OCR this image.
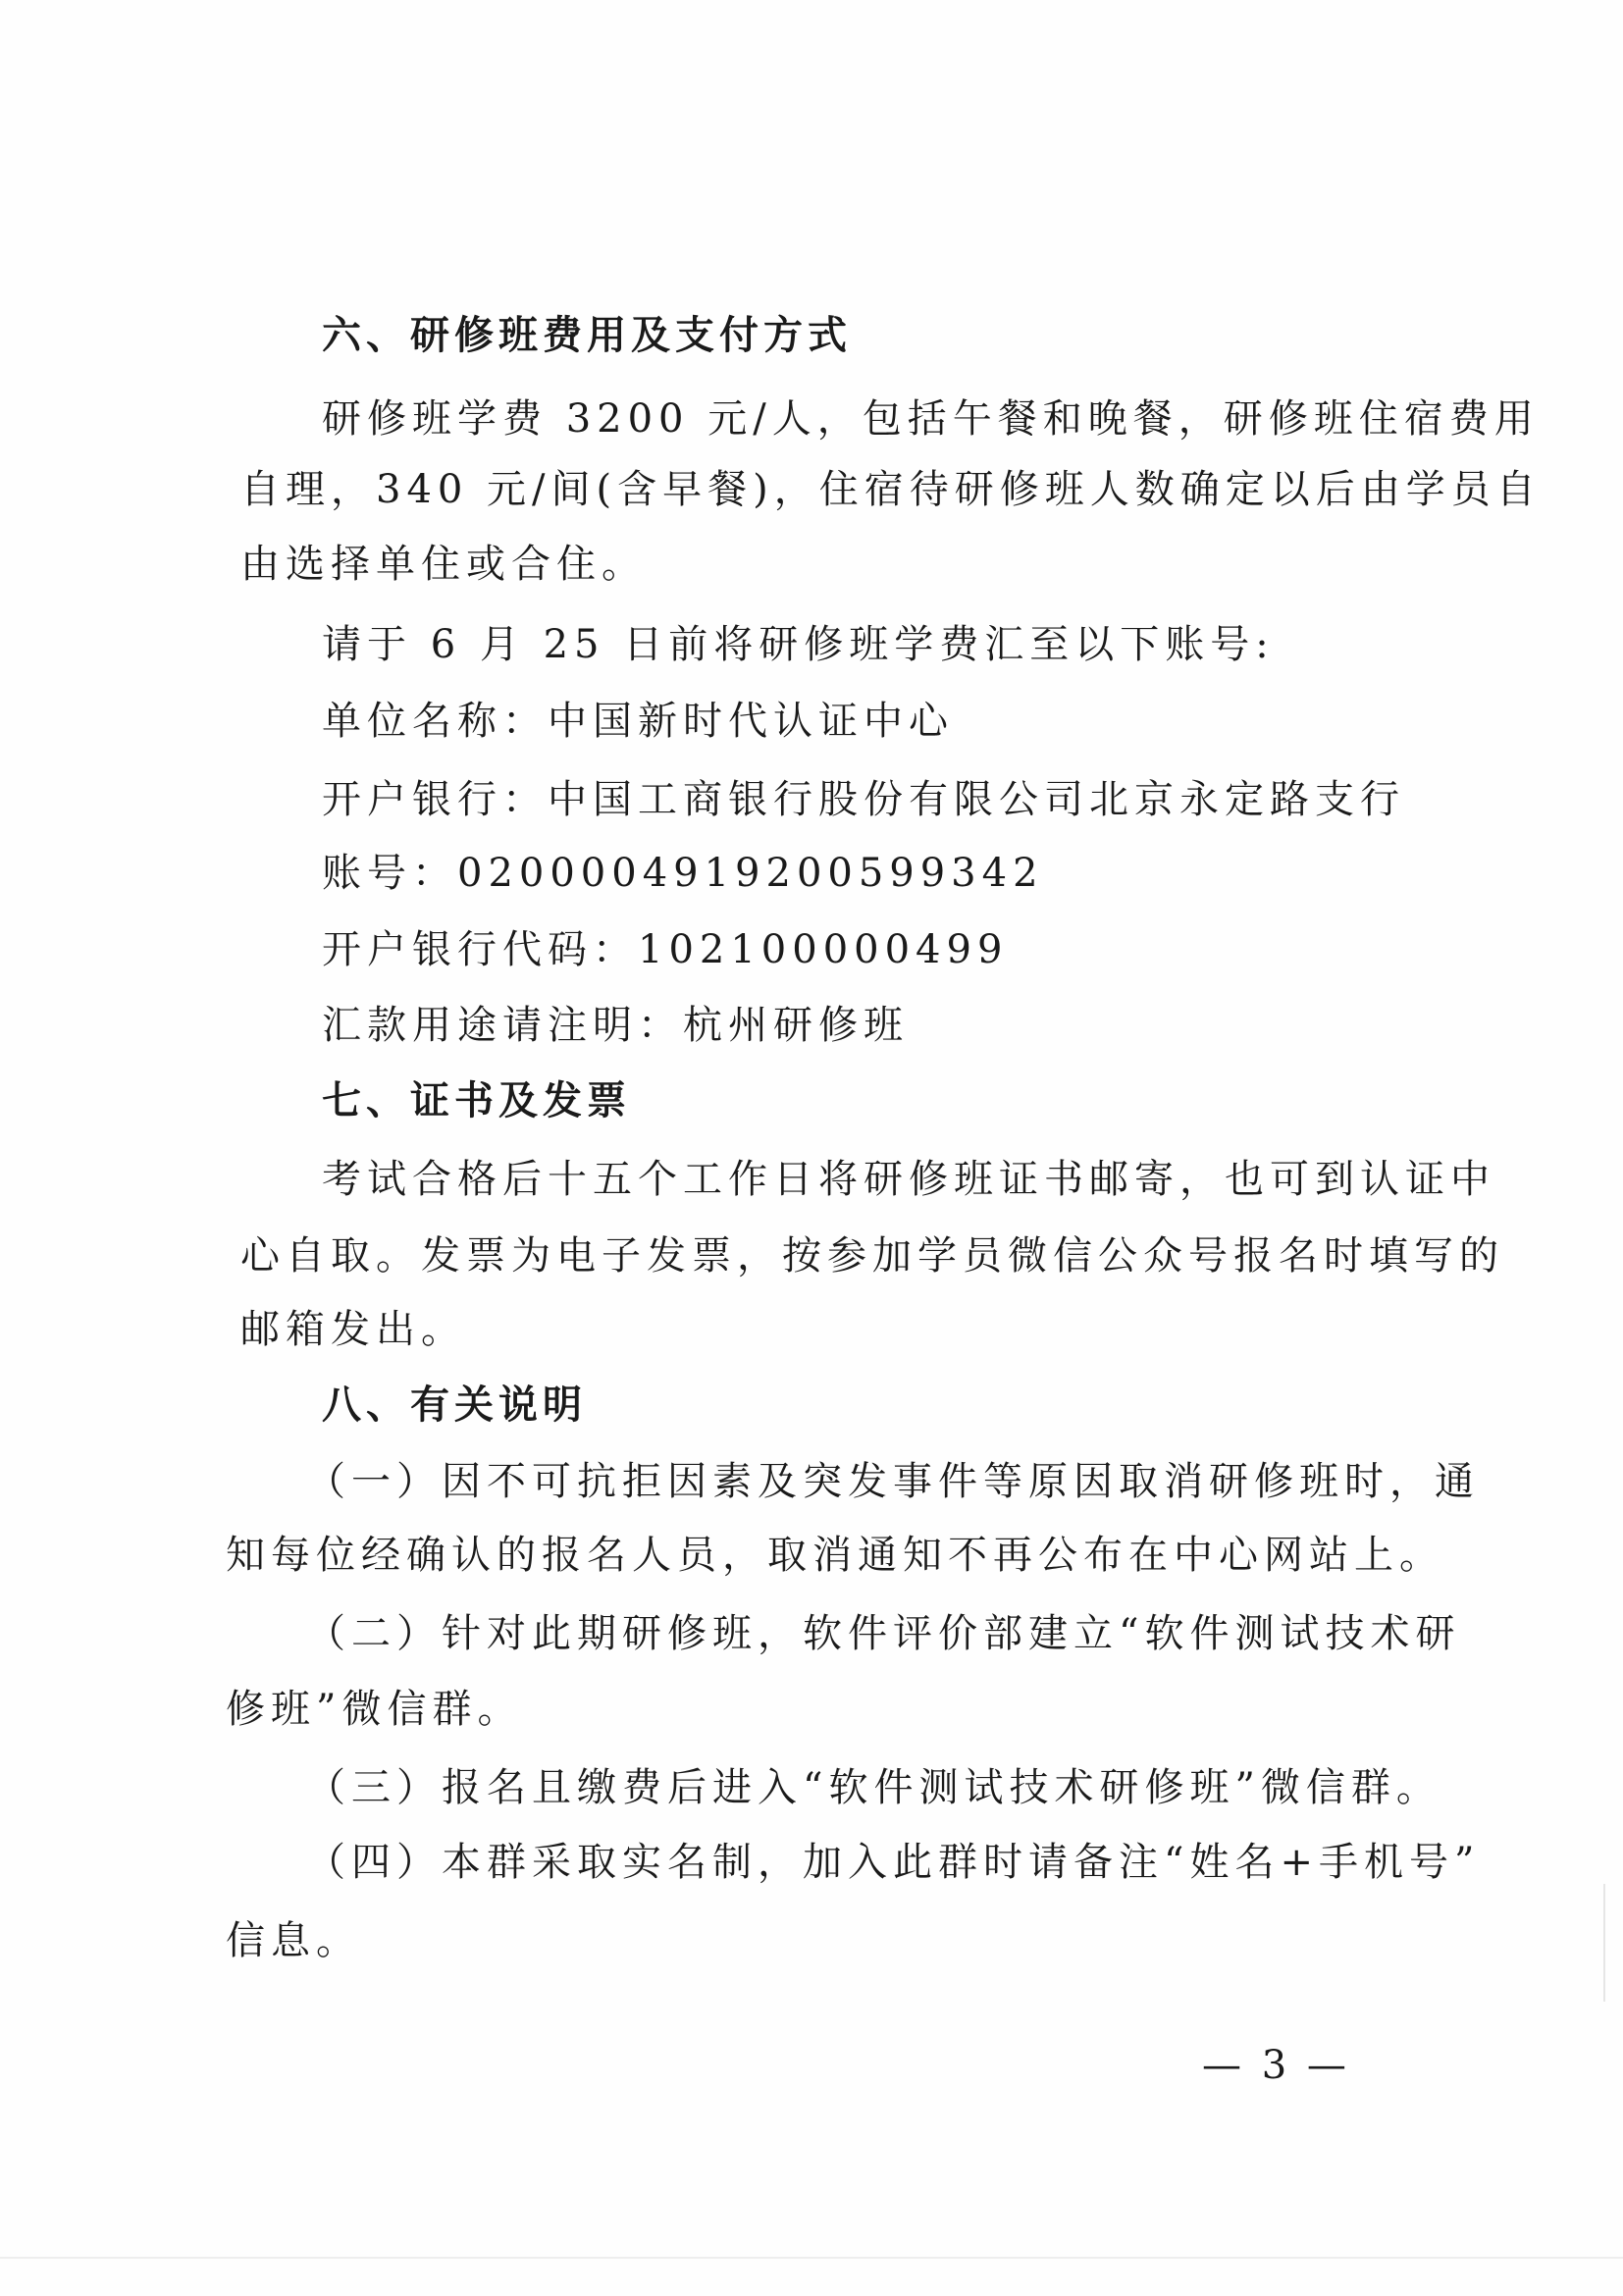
六、研修班费用及支付方式
研修班学费 3200 元/人，包括午餐和晚餐，研修班住宿费用
自理，340 元/间(含早餐)，住宿待研修班人数确定以后由学员自
由选择单住或合住。
请于 6 月 25 日前将研修班学费汇至以下账号:
单位名称：中国新时代认证中心
开户银行：中国工商银行股份有限公司北京永定路支行
账号：0200004919200599342
开户银行代码：102100000499
汇款用途请注明：杭州研修班
七、证书及发票
考试合格后十五个工作日将研修班证书邮寄，也可到认证中
心自取。发票为电子发票，按参加学员微信公众号报名时填写的
邮箱发出。
八、有关说明
（一）因不可抗拒因素及突发事件等原因取消研修班时，通
知每位经确认的报名人员，取消通知不再公布在中心网站上。
（二）针对此期研修班，软件评价部建立“软件测试技术研
修班”微信群。
（三）报名且缴费后进入“软件测试技术研修班”微信群。
（四）本群采取实名制，加入此群时请备注“姓名+手机号”
信息。
— 3 —
